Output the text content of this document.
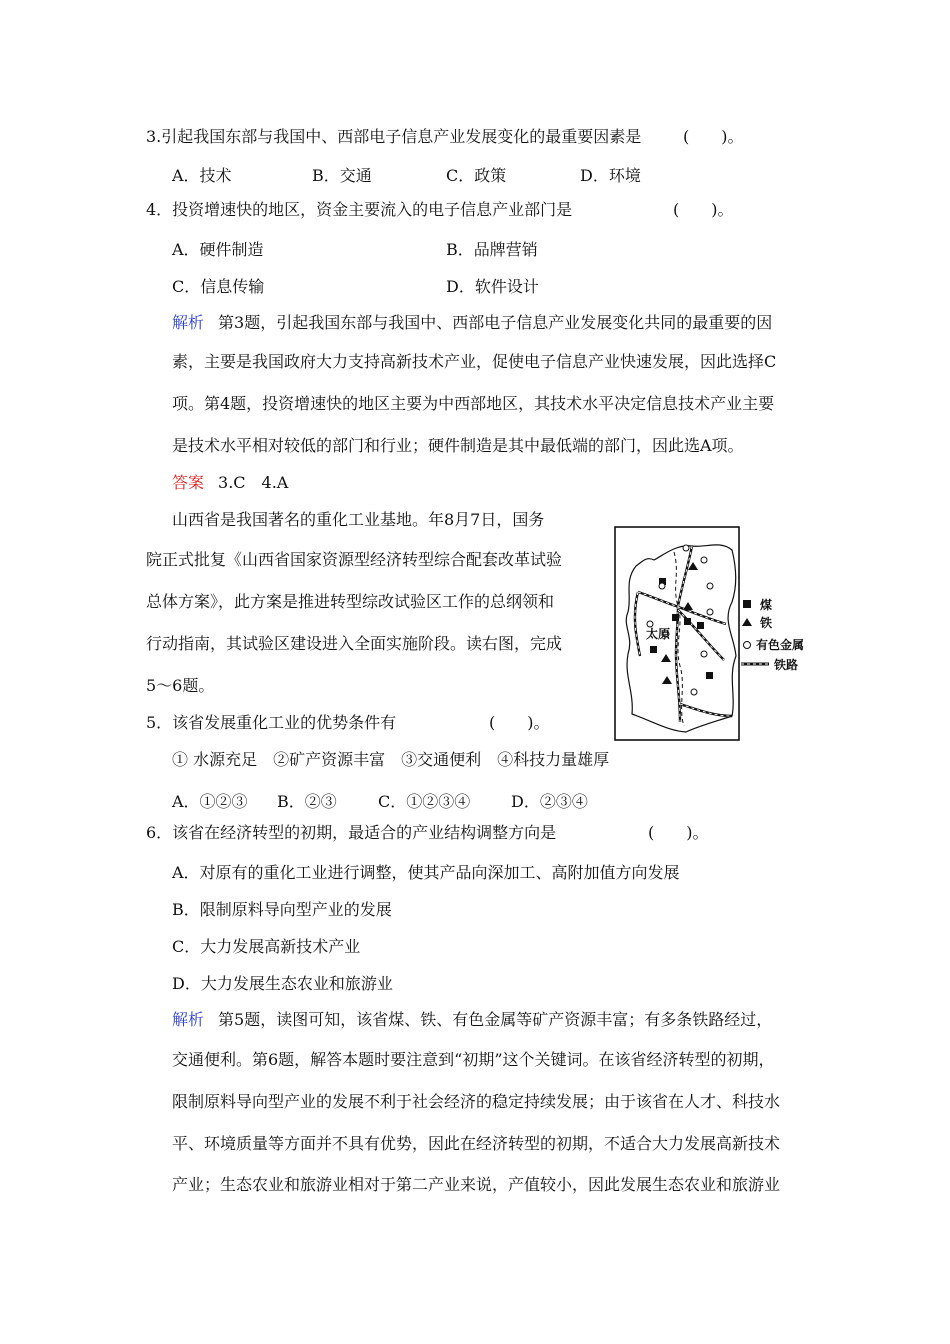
3.引起我国东部与我国中、西部电子信息产业发展变化的最重要因素是	(　　)。
A．技术	B．交通	C．政策	D．环境
4．投资增速快的地区，资金主要流入的电子信息产业部门是	(　　)。
A．硬件制造	B．品牌营销
C．信息传输	D．软件设计
解析 第3题，引起我国东部与我国中、西部电子信息产业发展变化共同的最重要的因
素，主要是我国政府大力支持高新技术产业，促使电子信息产业快速发展，因此选择C
项。第4题，投资增速快的地区主要为中西部地区，其技术水平决定信息技术产业主要
是技术水平相对较低的部门和行业；硬件制造是其中最低端的部门，因此选A项。
答案 3.C　4.A
山西省是我国著名的重化工业基地。年8月7日，国务
院正式批复《山西省国家资源型经济转型综合配套改革试验
总体方案》，此方案是推进转型综改试验区工作的总纲领和
行动指南，其试验区建设进入全面实施阶段。读右图，完成
5～6题。
太原
煤
铁
有色金属
铁路
5．该省发展重化工业的优势条件有	(　　)。
① 水源充足　②矿产资源丰富　③交通便利　④科技力量雄厚
A．①②③ B．②③	C．①②③④	D．②③④
6．该省在经济转型的初期，最适合的产业结构调整方向是	(　　)。
A．对原有的重化工业进行调整，使其产品向深加工、高附加值方向发展
B．限制原料导向型产业的发展
C．大力发展高新技术产业
D．大力发展生态农业和旅游业
解析 第5题，读图可知，该省煤、铁、有色金属等矿产资源丰富；有多条铁路经过，
交通便利。第6题，解答本题时要注意到“初期”这个关键词。在该省经济转型的初期，
限制原料导向型产业的发展不利于社会经济的稳定持续发展；由于该省在人才、科技水
平、环境质量等方面并不具有优势，因此在经济转型的初期，不适合大力发展高新技术
产业；生态农业和旅游业相对于第二产业来说，产值较小，因此发展生态农业和旅游业
